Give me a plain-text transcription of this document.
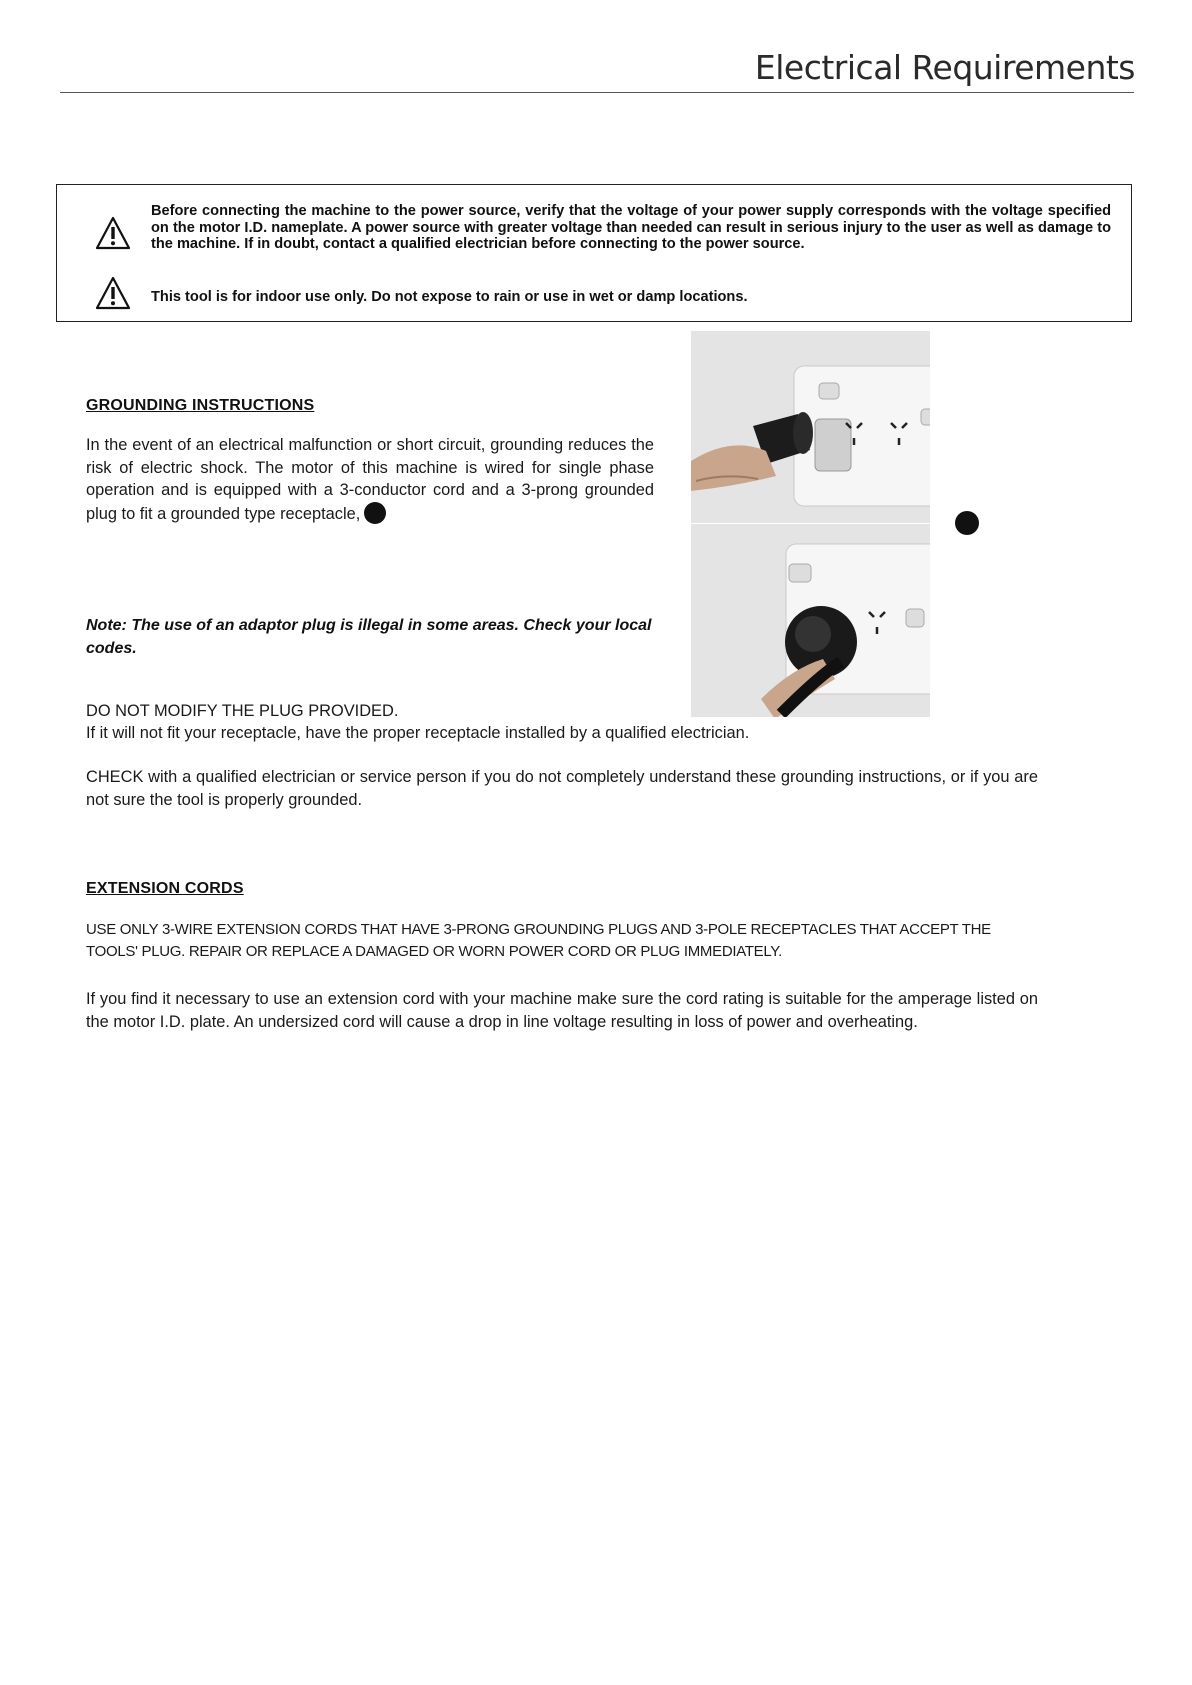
Electrical Requirements
Before connecting the machine to the power source, verify that the voltage of your power supply corresponds with the voltage specified on the motor I.D. nameplate. A power source with greater voltage than needed can result in serious injury to the user as well as damage to the machine. If in doubt, contact a qualified electrician before connecting to the power source.
This tool is for indoor use only. Do not expose to rain or use in wet or damp locations.
GROUNDING INSTRUCTIONS
In the event of an electrical malfunction or short circuit, grounding reduces the risk of electric shock. The motor of this machine is wired for single phase operation and is equipped with a 3-conductor cord and a 3-prong grounded plug to fit a grounded type receptacle,
Note: The use of an adaptor plug is illegal in some areas. Check your local codes.
DO NOT MODIFY THE PLUG PROVIDED.
If it will not fit your receptacle, have the proper receptacle installed by a qualified electrician.
CHECK with a qualified electrician or service person if you do not completely understand these grounding instructions, or if you are not sure the tool is properly grounded.
EXTENSION CORDS
USE ONLY 3-WIRE EXTENSION CORDS THAT HAVE 3-PRONG GROUNDING PLUGS AND 3-POLE RECEPTACLES THAT ACCEPT THE TOOLS' PLUG. REPAIR OR REPLACE A DAMAGED OR WORN POWER CORD OR PLUG IMMEDIATELY.
If you find it necessary to use an extension cord with your machine make sure the cord rating is suitable for the amperage listed on the motor I.D. plate. An undersized cord will cause a drop in line voltage resulting in loss of power and overheating.
